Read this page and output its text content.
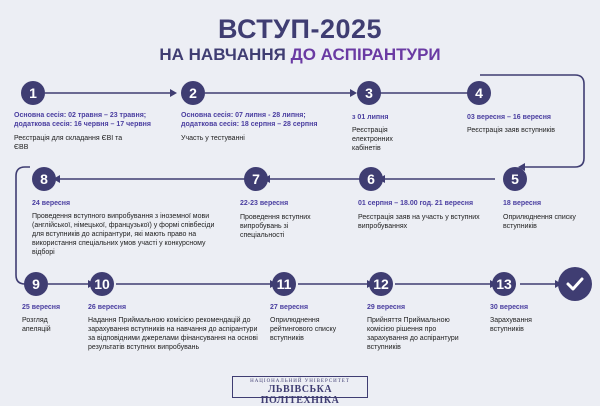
ВСТУП-2025
НА НАВЧАННЯ ДО АСПІРАНТУРИ
1
Основна сесія: 02 травня – 23 травня; додаткова сесія: 16 червня – 17 червня
Реєстрація для складання ЄВІ та ЄВВ
2
Основна сесія: 07 липня - 28 липня; додаткова сесія: 18 серпня – 28 серпня
Участь у тестуванні
3
з 01 липня
Реєстрація електронних кабінетів
4
03 вересня – 16 вересня
Реєстрація заяв вступників
5
18 вересня
Оприлюднення списку вступників
6
01 серпня – 18.00 год. 21 вересня
Реєстрація заяв на участь у вступних випробуваннях
7
22-23 вересня
Проведення вступних випробувань зі спеціальності
8
24 вересня
Проведення вступного випробування з іноземної мови (англійської, німецької, французької) у формі співбесіди для вступників до аспірантури, які мають право на використання спеціальних умов участі у конкурсному відборі
9
25 вересня
Розгляд апеляцій
10
26 вересня
Надання Приймальною комісією рекомендацій до зарахування вступників на навчання до аспірантури за відповідними джерелами фінансування на основі результатів вступних випробувань
11
27 вересня
Оприлюднення рейтингового списку вступників
12
29 вересня
Прийняття Приймальною комісією рішення про зарахування до аспірантури вступників
13
30 вересня
Зарахування вступників
НАЦІОНАЛЬНИЙ УНІВЕРСИТЕТ
ЛЬВІВСЬКА ПОЛІТЕХНІКА
